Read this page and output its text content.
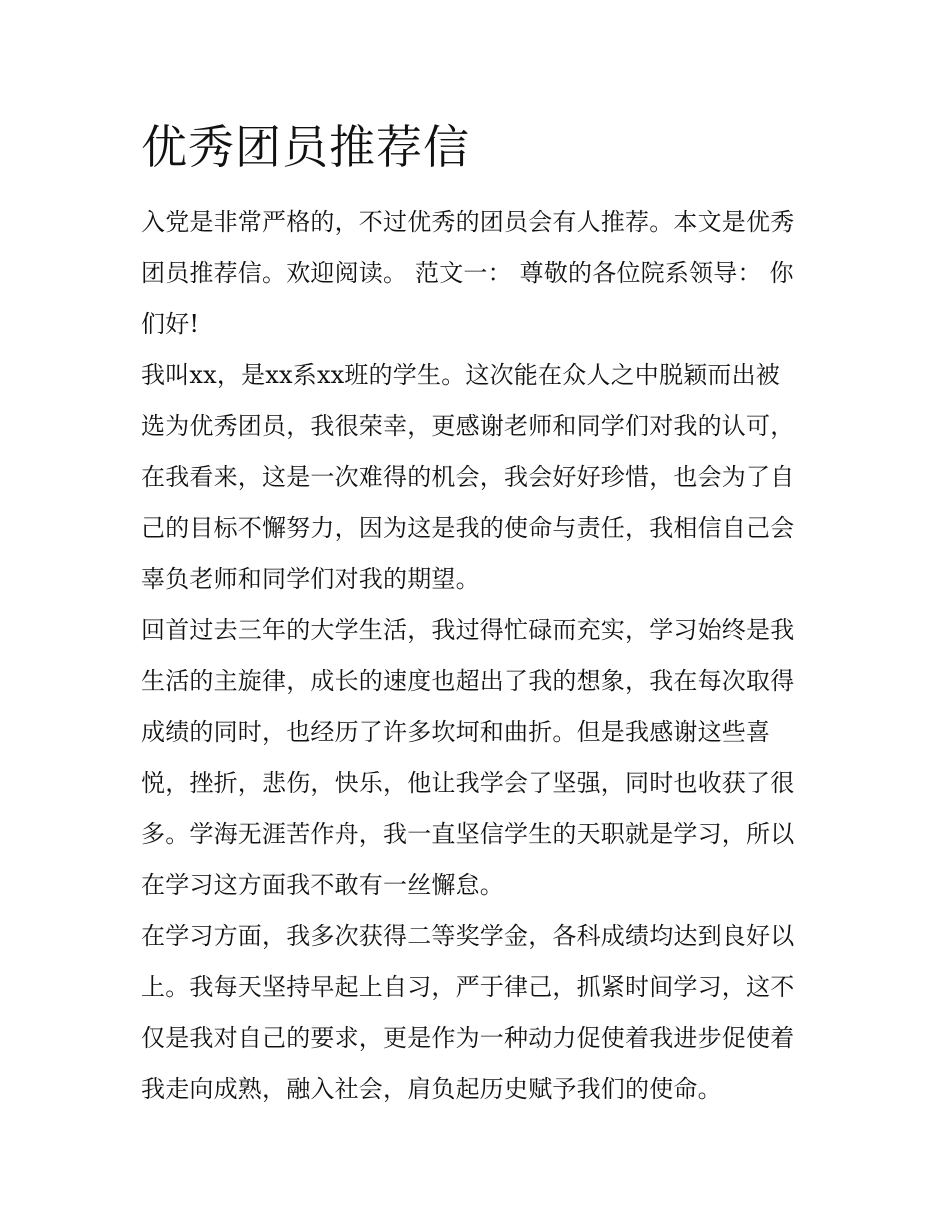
优秀团员推荐信
入党是非常严格的，不过优秀的团员会有人推荐。本文是优秀
团员推荐信。欢迎阅读。 范文一： 尊敬的各位院系领导： 你
们好!
我叫xx，是xx系xx班的学生。这次能在众人之中脱颖而出被
选为优秀团员，我很荣幸，更感谢老师和同学们对我的认可，
在我看来，这是一次难得的机会，我会好好珍惜，也会为了自
己的目标不懈努力，因为这是我的使命与责任，我相信自己会
辜负老师和同学们对我的期望。
回首过去三年的大学生活，我过得忙碌而充实，学习始终是我
生活的主旋律，成长的速度也超出了我的想象，我在每次取得
成绩的同时，也经历了许多坎坷和曲折。但是我感谢这些喜
悦，挫折，悲伤，快乐，他让我学会了坚强，同时也收获了很
多。学海无涯苦作舟，我一直坚信学生的天职就是学习，所以
在学习这方面我不敢有一丝懈怠。
在学习方面，我多次获得二等奖学金，各科成绩均达到良好以
上。我每天坚持早起上自习，严于律己，抓紧时间学习，这不
仅是我对自己的要求，更是作为一种动力促使着我进步促使着
我走向成熟，融入社会，肩负起历史赋予我们的使命。
